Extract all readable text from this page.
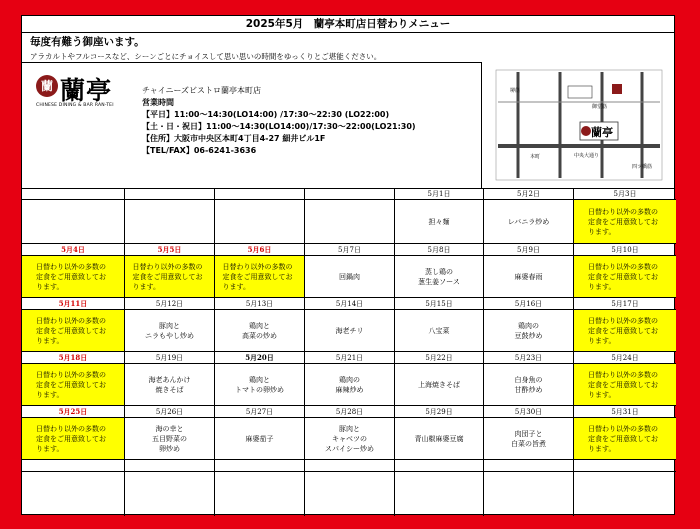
2025年5月　蘭亭本町店日替わりメニュー
毎度有難う御座います。
アラカルトやフルコースなど、シーンごとにチョイスして思い思いの時間をゆっくりとご堪能ください。
蘭 蘭亭
CHINESE DINING & BAR RAN-TEI
チャイニーズビストロ蘭亭本町店
営業時間
【平日】11:00～14:30(LO14:00) /17:30～22:30 (LO22:00)
【土・日・祝日】11:00～14:30(LO14:00)/17:30～22:00(LO21:30)
【住所】大阪市中央区本町4丁目4-27 細井ビル1F
【TEL/FAX】06-6241-3636
蘭亭
堺筋
本町	中央大通り
御堂筋
四ツ橋筋
5月1日
担々麺
5月2日
レバニラ炒め
5月3日
日替わり以外の多数の定食をご用意致しております。
5月4日
日替わり以外の多数の定食をご用意致しております。
5月5日
日替わり以外の多数の定食をご用意致しております。
5月6日
日替わり以外の多数の定食をご用意致しております。
5月7日
回鍋肉
5月8日
蒸し鶏の
葱生姜ソース
5月9日
麻婆春雨
5月10日
日替わり以外の多数の定食をご用意致しております。
5月11日
日替わり以外の多数の定食をご用意致しております。
5月12日
豚肉と
ニラもやし炒め
5月13日
鶏肉と
高菜の炒め
5月14日
海老チリ
5月15日
八宝菜
5月16日
鶏肉の
豆鼓炒め
5月17日
日替わり以外の多数の定食をご用意致しております。
5月18日
日替わり以外の多数の定食をご用意致しております。
5月19日
海老あんかけ
焼きそば
5月20日
鶏肉と
トマトの卵炒め
5月21日
鶏肉の
麻辣炒め
5月22日
上海焼きそば
5月23日
白身魚の
甘酢炒め
5月24日
日替わり以外の多数の定食をご用意致しております。
5月25日
日替わり以外の多数の定食をご用意致しております。
5月26日
海の幸と
五目野菜の
卵炒め
5月27日
麻婆茄子
5月28日
豚肉と
キャベツの
スパイシー炒め
5月29日
青山椒麻婆豆腐
5月30日
肉団子と
白菜の旨煮
5月31日
日替わり以外の多数の定食をご用意致しております。
